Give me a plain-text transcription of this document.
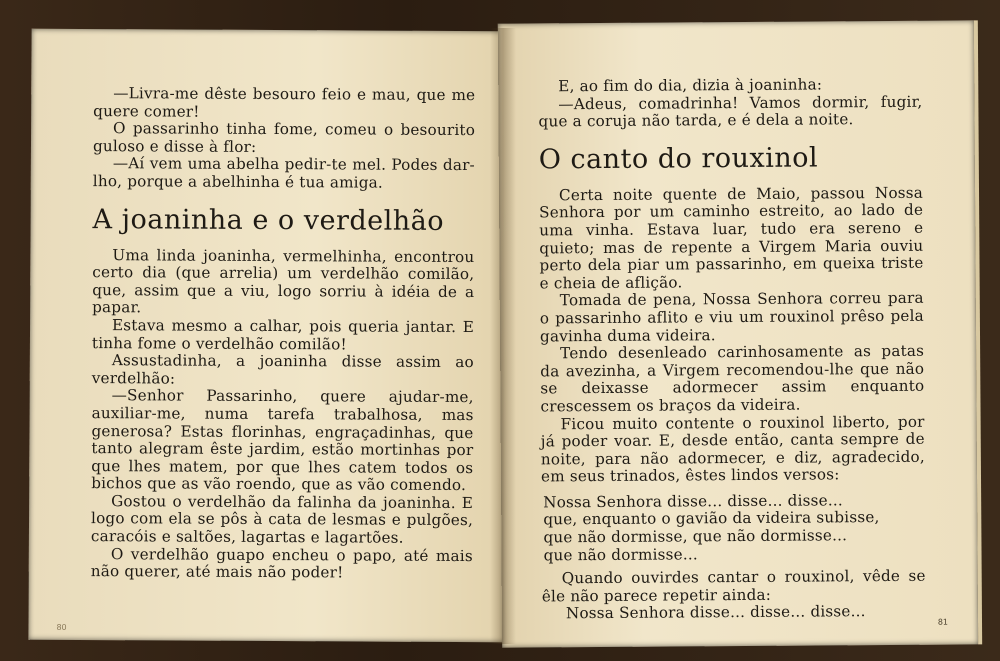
—Livra-me dêste besouro feio e mau, que me quere comer!

O passarinho tinha fome, comeu o besourito guloso e disse à flor:

—Aí vem uma abelha pedir-te mel. Podes dar-lho, porque a abelhinha é tua amiga.

A joaninha e o verdelhão

Uma linda joaninha, vermelhinha, encontrou certo dia (que arrelia) um verdelhão comilão, que, assim que a viu, logo sorriu à idéia de a papar.

Estava mesmo a calhar, pois queria jantar. E tinha fome o verdelhão comilão!

Assustadinha, a joaninha disse assim ao verdelhão:

—Senhor Passarinho, quere ajudar-me, auxiliar-me, numa tarefa trabalhosa, mas generosa? Estas florinhas, engraçadinhas, que tanto alegram êste jardim, estão mortinhas por que lhes matem, por que lhes catem todos os bichos que as vão roendo, que as vão comendo.

Gostou o verdelhão da falinha da joaninha. E logo com ela se pôs à cata de lesmas e pulgões, caracóis e saltões, lagartas e lagartões.

O verdelhão guapo encheu o papo, até mais não querer, até mais não poder!

80

E, ao fim do dia, dizia à joaninha:

—Adeus, comadrinha! Vamos dormir, fugir, que a coruja não tarda, e é dela a noite.

O canto do rouxinol

Certa noite quente de Maio, passou Nossa Senhora por um caminho estreito, ao lado de uma vinha. Estava luar, tudo era sereno e quieto; mas de repente a Virgem Maria ouviu perto dela piar um passarinho, em queixa triste e cheia de aflição.

Tomada de pena, Nossa Senhora correu para o passarinho aflito e viu um rouxinol prêso pela gavinha duma videira.

Tendo desenleado carinhosamente as patas da avezinha, a Virgem recomendou-lhe que não se deixasse adormecer assim enquanto crescessem os braços da videira.

Ficou muito contente o rouxinol liberto, por já poder voar. E, desde então, canta sempre de noite, para não adormecer, e diz, agradecido, em seus trinados, êstes lindos versos:

Nossa Senhora disse... disse... disse...

que, enquanto o gavião da videira subisse,

que não dormisse, que não dormisse...

que não dormisse...

Quando ouvirdes cantar o rouxinol, vêde se êle não parece repetir ainda:

Nossa Senhora disse... disse... disse...	81
